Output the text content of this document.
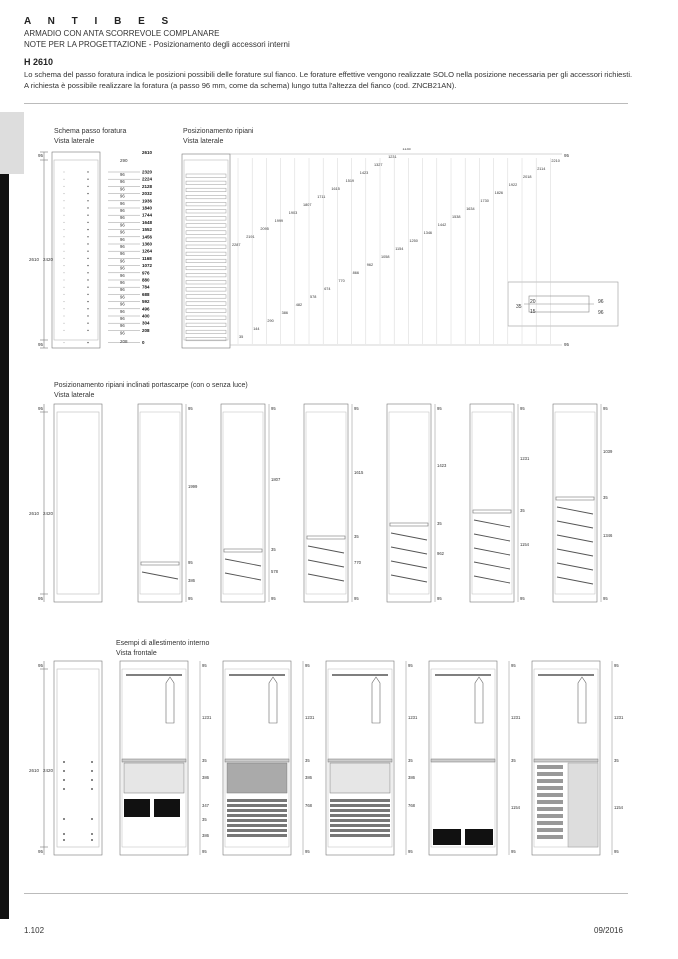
A N T I B E S
ARMADIO CON ANTA SCORREVOLE COMPLANARE
NOTE PER LA PROGETTAZIONE - Posizionamento degli accessori interni
H 2610
Lo schema del passo foratura indica le posizioni possibili delle forature sul fianco. Le forature effettive vengono realizzate SOLO nella posizione necessaria per gli accessori richiesti. A richiesta è possibile realizzare la foratura (a passo 96 mm, come da schema) lungo tutta l'altezza del fianco (cod. ZNCB21AN).
Schema passo foratura
Vista laterale
Posizionamento ripiani
Vista laterale
96	2320
96	2224
96	2128
96	2032
96	1936
96	1840
96	1744
96	1648
96	1552
96	1456
96	1360
96	1264
96	1168
96	1072
96	976
96	880
96	784
96	688
96	592
96	496
96	400
96	304
96	208
0
2287
35
2191
144
2095
290
1999
386
1903
482
1807
578
1711
674
1615
770
1519
866
1423
962
1327
1058
1231
1154
1135
1250
1346
1442
1538
1634
1730
1826
1922
2018
2114
2210
95
2610 2420
95
2610
290
208
95
95
35
20
15
96
96
Posizionamento ripiani inclinati portascarpe (con o senza luce)
Vista laterale
95
2610 2420
95
95
1999
95
386
95
95
1807
35
578
95
95
1615
35
770
95
95
1423
35
962
95
95
1231
35
1154
95
95
1039
35
1346
95
Esempi di allestimento interno
Vista frontale
95
2610 2420
95
95
1231
35
386
347
35
386
95
95
1231
35
386
768
95
95
1231
35
386
768
95
95
1231
35
1154
95
95
1231
35
1154
95
1.102	09/2016
